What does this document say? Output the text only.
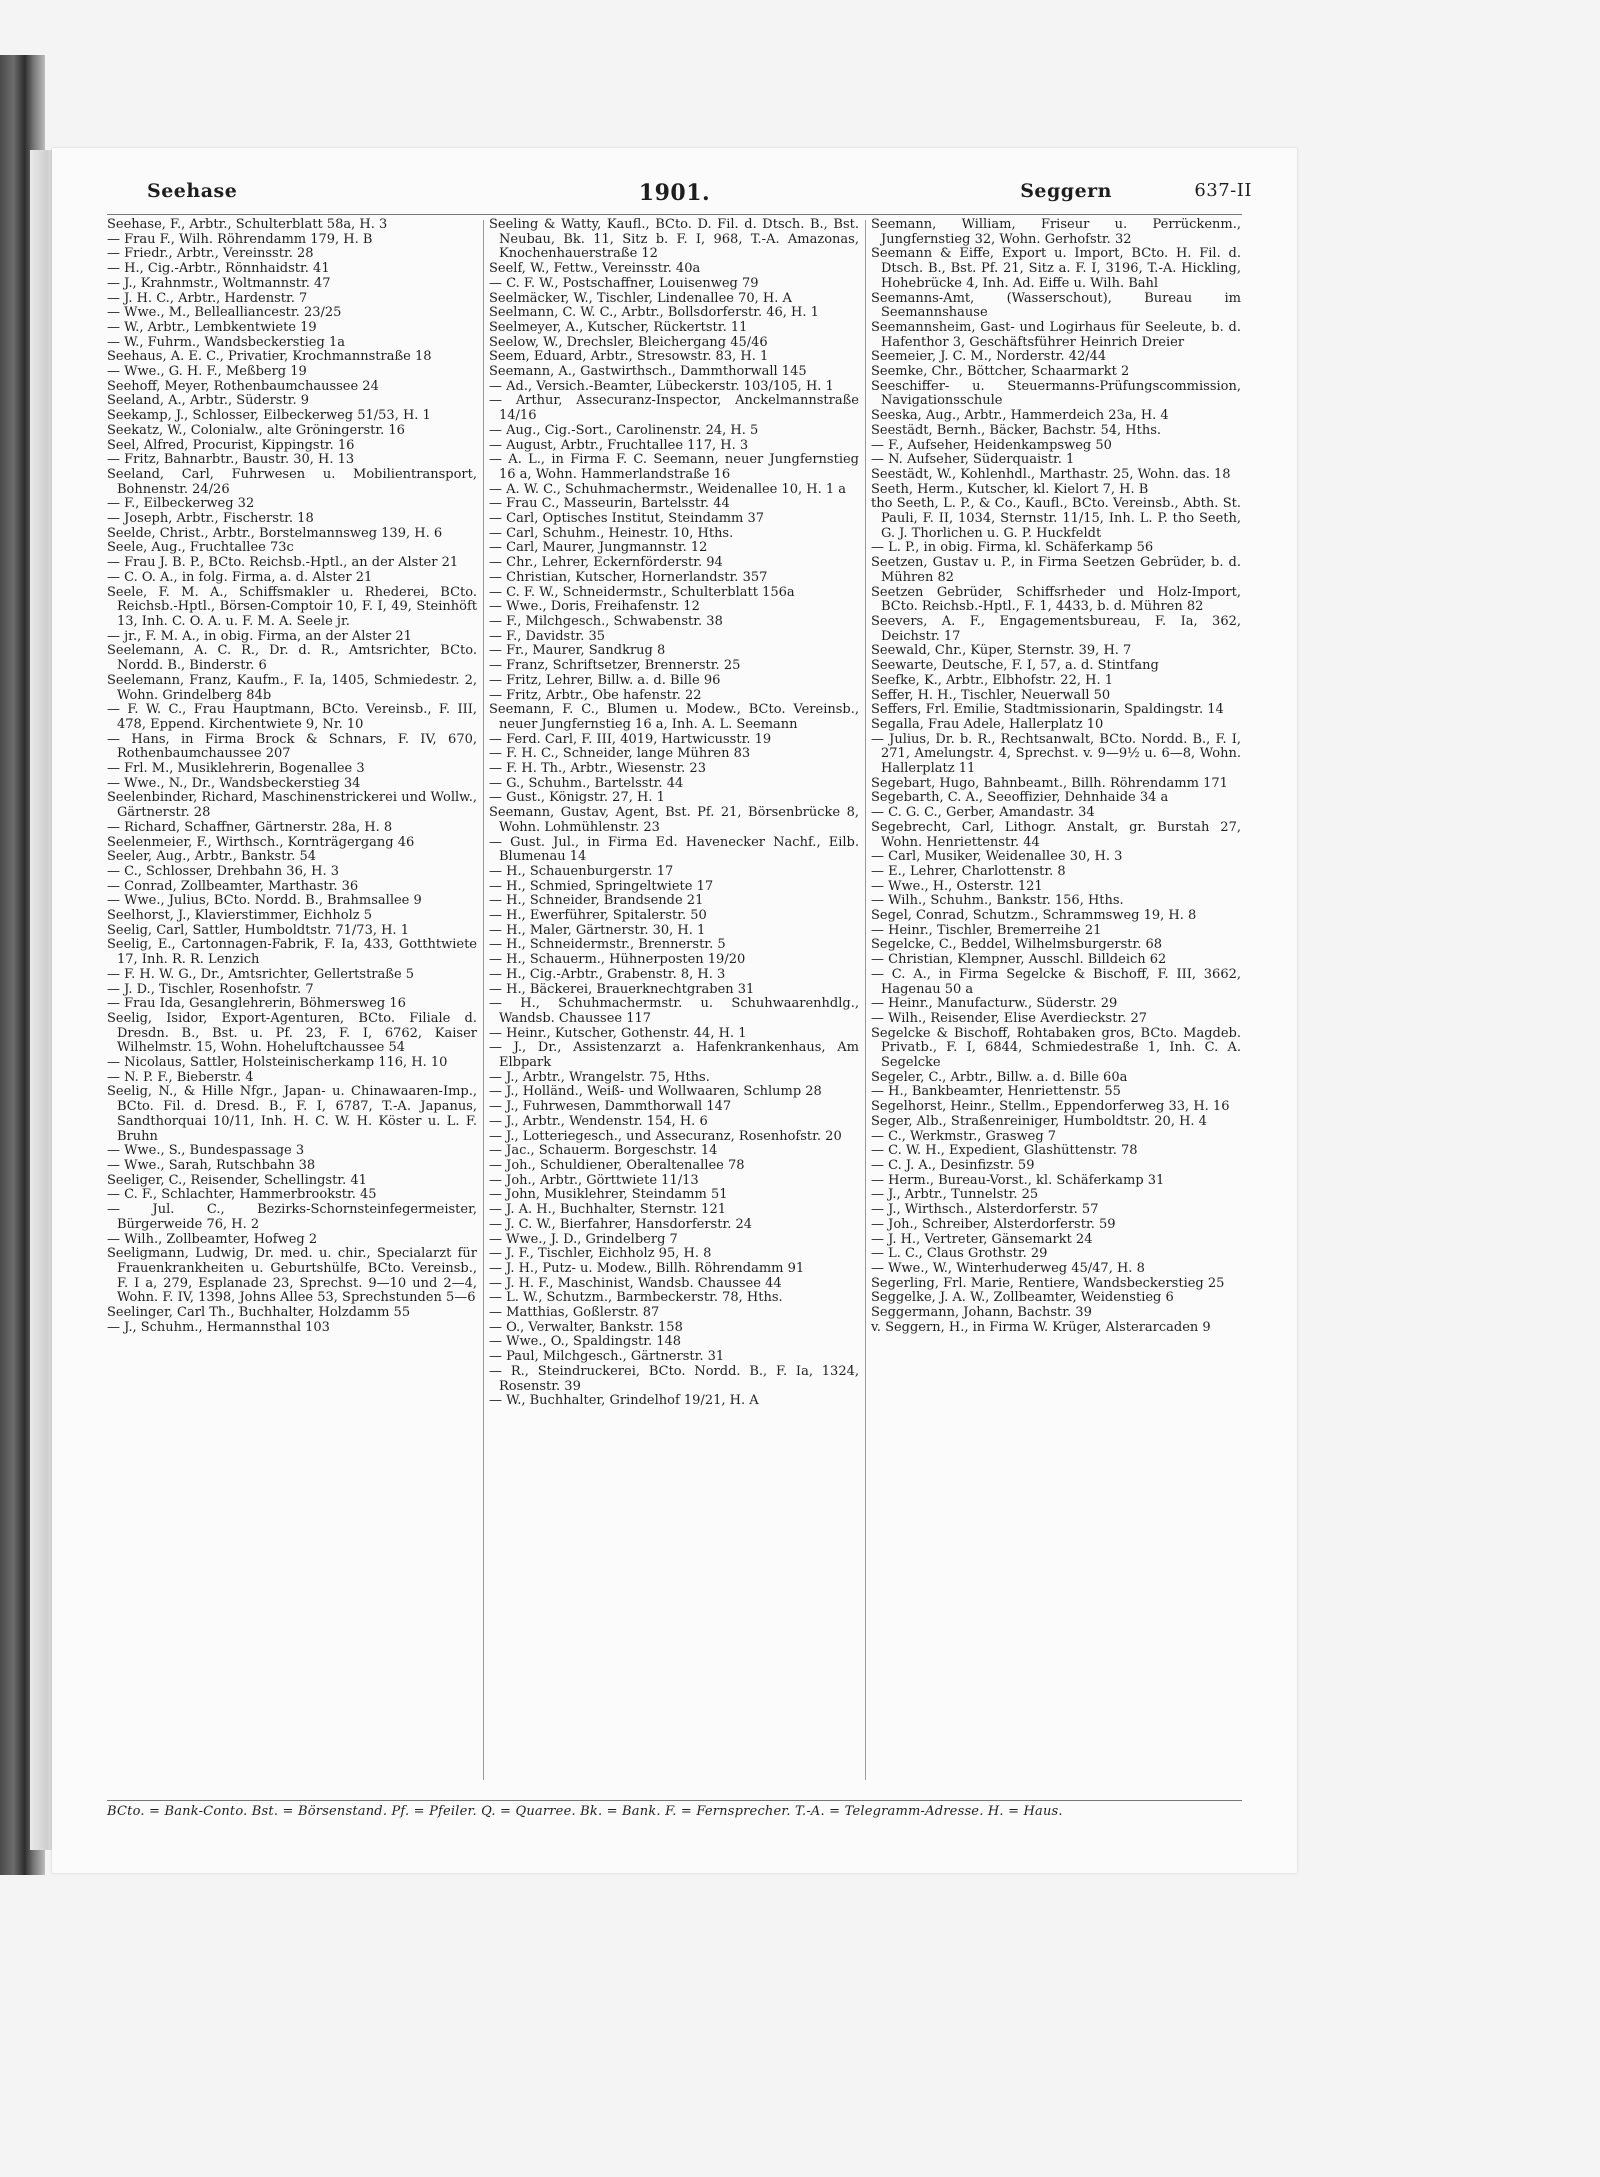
Seehase	1901.	Seggern	637-II

Seehase, F., Arbtr., Schulterblatt 58a, H. 3

— Frau F., Wilh. Röhrendamm 179, H. B

— Friedr., Arbtr., Vereinsstr. 28

— H., Cig.-Arbtr., Rönnhaidstr. 41

— J., Krahnmstr., Woltmannstr. 47

— J. H. C., Arbtr., Hardenstr. 7

— Wwe., M., Bellealliancestr. 23/25

— W., Arbtr., Lembkentwiete 19

— W., Fuhrm., Wandsbeckerstieg 1a

Seehaus, A. E. C., Privatier, Krochmannstraße 18

— Wwe., G. H. F., Meßberg 19

Seehoff, Meyer, Rothenbaumchaussee 24

Seeland, A., Arbtr., Süderstr. 9

Seekamp, J., Schlosser, Eilbeckerweg 51/53, H. 1

Seekatz, W., Colonialw., alte Gröningerstr. 16

Seel, Alfred, Procurist, Kippingstr. 16

— Fritz, Bahnarbtr., Baustr. 30, H. 13

Seeland, Carl, Fuhrwesen u. Mobilientransport, Bohnenstr. 24/26

— F., Eilbeckerweg 32

— Joseph, Arbtr., Fischerstr. 18

Seelde, Christ., Arbtr., Borstelmannsweg 139, H. 6

Seele, Aug., Fruchtallee 73c

— Frau J. B. P., BCto. Reichsb.-Hptl., an der Alster 21

— C. O. A., in folg. Firma, a. d. Alster 21

Seele, F. M. A., Schiffsmakler u. Rhederei, BCto. Reichsb.-Hptl., Börsen-Comptoir 10, F. I, 49, Steinhöft 13, Inh. C. O. A. u. F. M. A. Seele jr.

— jr., F. M. A., in obig. Firma, an der Alster 21

Seelemann, A. C. R., Dr. d. R., Amtsrichter, BCto. Nordd. B., Binderstr. 6

Seelemann, Franz, Kaufm., F. Ia, 1405, Schmiedestr. 2, Wohn. Grindelberg 84b

— F. W. C., Frau Hauptmann, BCto. Vereinsb., F. III, 478, Eppend. Kirchentwiete 9, Nr. 10

— Hans, in Firma Brock & Schnars, F. IV, 670, Rothenbaumchaussee 207

— Frl. M., Musiklehrerin, Bogenallee 3

— Wwe., N., Dr., Wandsbeckerstieg 34

Seelenbinder, Richard, Maschinenstrickerei und Wollw., Gärtnerstr. 28

— Richard, Schaffner, Gärtnerstr. 28a, H. 8

Seelenmeier, F., Wirthsch., Kornträgergang 46

Seeler, Aug., Arbtr., Bankstr. 54

— C., Schlosser, Drehbahn 36, H. 3

— Conrad, Zollbeamter, Marthastr. 36

— Wwe., Julius, BCto. Nordd. B., Brahmsallee 9

Seelhorst, J., Klavierstimmer, Eichholz 5

Seelig, Carl, Sattler, Humboldtstr. 71/73, H. 1

Seelig, E., Cartonnagen-Fabrik, F. Ia, 433, Gotthtwiete 17, Inh. R. R. Lenzich

— F. H. W. G., Dr., Amtsrichter, Gellertstraße 5

— J. D., Tischler, Rosenhofstr. 7

— Frau Ida, Gesanglehrerin, Böhmersweg 16

Seelig, Isidor, Export-Agenturen, BCto. Filiale d. Dresdn. B., Bst. u. Pf. 23, F. I, 6762, Kaiser Wilhelmstr. 15, Wohn. Hoheluftchaussee 54

— Nicolaus, Sattler, Holsteinischerkamp 116, H. 10

— N. P. F., Bieberstr. 4

Seelig, N., & Hille Nfgr., Japan- u. Chinawaaren-Imp., BCto. Fil. d. Dresd. B., F. I, 6787, T.-A. Japanus, Sandthorquai 10/11, Inh. H. C. W. H. Köster u. L. F. Bruhn

— Wwe., S., Bundespassage 3

— Wwe., Sarah, Rutschbahn 38

Seeliger, C., Reisender, Schellingstr. 41

— C. F., Schlachter, Hammerbrookstr. 45

— Jul. C., Bezirks-Schornsteinfegermeister, Bürgerweide 76, H. 2

— Wilh., Zollbeamter, Hofweg 2

Seeligmann, Ludwig, Dr. med. u. chir., Specialarzt für Frauenkrankheiten u. Geburtshülfe, BCto. Vereinsb., F. I a, 279, Esplanade 23, Sprechst. 9—10 und 2—4, Wohn. F. IV, 1398, Johns Allee 53, Sprechstunden 5—6

Seelinger, Carl Th., Buchhalter, Holzdamm 55

— J., Schuhm., Hermannsthal 103

Seeling & Watty, Kaufl., BCto. D. Fil. d. Dtsch. B., Bst. Neubau, Bk. 11, Sitz b. F. I, 968, T.-A. Amazonas, Knochenhauerstraße 12

Seelf, W., Fettw., Vereinsstr. 40a

— C. F. W., Postschaffner, Louisenweg 79

Seelmäcker, W., Tischler, Lindenallee 70, H. A

Seelmann, C. W. C., Arbtr., Bollsdorferstr. 46, H. 1

Seelmeyer, A., Kutscher, Rückertstr. 11

Seelow, W., Drechsler, Bleichergang 45/46

Seem, Eduard, Arbtr., Stresowstr. 83, H. 1

Seemann, A., Gastwirthsch., Dammthorwall 145

— Ad., Versich.-Beamter, Lübeckerstr. 103/105, H. 1

— Arthur, Assecuranz-Inspector, Anckelmannstraße 14/16

— Aug., Cig.-Sort., Carolinenstr. 24, H. 5

— August, Arbtr., Fruchtallee 117, H. 3

— A. L., in Firma F. C. Seemann, neuer Jungfernstieg 16 a, Wohn. Hammerlandstraße 16

— A. W. C., Schuhmachermstr., Weidenallee 10, H. 1 a

— Frau C., Masseurin, Bartelsstr. 44

— Carl, Optisches Institut, Steindamm 37

— Carl, Schuhm., Heinestr. 10, Hths.

— Carl, Maurer, Jungmannstr. 12

— Chr., Lehrer, Eckernförderstr. 94

— Christian, Kutscher, Hornerlandstr. 357

— C. F. W., Schneidermstr., Schulterblatt 156a

— Wwe., Doris, Freihafenstr. 12

— F., Milchgesch., Schwabenstr. 38

— F., Davidstr. 35

— Fr., Maurer, Sandkrug 8

— Franz, Schriftsetzer, Brennerstr. 25

— Fritz, Lehrer, Billw. a. d. Bille 96

— Fritz, Arbtr., Obe hafenstr. 22

Seemann, F. C., Blumen u. Modew., BCto. Vereinsb., neuer Jungfernstieg 16 a, Inh. A. L. Seemann

— Ferd. Carl, F. III, 4019, Hartwicusstr. 19

— F. H. C., Schneider, lange Mühren 83

— F. H. Th., Arbtr., Wiesenstr. 23

— G., Schuhm., Bartelsstr. 44

— Gust., Königstr. 27, H. 1

Seemann, Gustav, Agent, Bst. Pf. 21, Börsenbrücke 8, Wohn. Lohmühlenstr. 23

— Gust. Jul., in Firma Ed. Havenecker Nachf., Eilb. Blumenau 14

— H., Schauenburgerstr. 17

— H., Schmied, Springeltwiete 17

— H., Schneider, Brandsende 21

— H., Ewerführer, Spitalerstr. 50

— H., Maler, Gärtnerstr. 30, H. 1

— H., Schneidermstr., Brennerstr. 5

— H., Schauerm., Hühnerposten 19/20

— H., Cig.-Arbtr., Grabenstr. 8, H. 3

— H., Bäckerei, Brauerknechtgraben 31

— H., Schuhmachermstr. u. Schuhwaarenhdlg., Wandsb. Chaussee 117

— Heinr., Kutscher, Gothenstr. 44, H. 1

— J., Dr., Assistenzarzt a. Hafenkrankenhaus, Am Elbpark

— J., Arbtr., Wrangelstr. 75, Hths.

— J., Holländ., Weiß- und Wollwaaren, Schlump 28

— J., Fuhrwesen, Dammthorwall 147

— J., Arbtr., Wendenstr. 154, H. 6

— J., Lotteriegesch., und Assecuranz, Rosenhofstr. 20

— Jac., Schauerm. Borgeschstr. 14

— Joh., Schuldiener, Oberaltenallee 78

— Joh., Arbtr., Görttwiete 11/13

— John, Musiklehrer, Steindamm 51

— J. A. H., Buchhalter, Sternstr. 121

— J. C. W., Bierfahrer, Hansdorferstr. 24

— Wwe., J. D., Grindelberg 7

— J. F., Tischler, Eichholz 95, H. 8

— J. H., Putz- u. Modew., Billh. Röhrendamm 91

— J. H. F., Maschinist, Wandsb. Chaussee 44

— L. W., Schutzm., Barmbeckerstr. 78, Hths.

— Matthias, Goßlerstr. 87

— O., Verwalter, Bankstr. 158

— Wwe., O., Spaldingstr. 148

— Paul, Milchgesch., Gärtnerstr. 31

— R., Steindruckerei, BCto. Nordd. B., F. Ia, 1324, Rosenstr. 39

— W., Buchhalter, Grindelhof 19/21, H. A

Seemann, William, Friseur u. Perrückenm., Jungfernstieg 32, Wohn. Gerhofstr. 32

Seemann & Eiffe, Export u. Import, BCto. H. Fil. d. Dtsch. B., Bst. Pf. 21, Sitz a. F. I, 3196, T.-A. Hickling, Hohebrücke 4, Inh. Ad. Eiffe u. Wilh. Bahl

Seemanns-Amt, (Wasserschout), Bureau im Seemannshause

Seemannsheim, Gast- und Logirhaus für Seeleute, b. d. Hafenthor 3, Geschäftsführer Heinrich Dreier

Seemeier, J. C. M., Norderstr. 42/44

Seemke, Chr., Böttcher, Schaarmarkt 2

Seeschiffer- u. Steuermanns-Prüfungscommission, Navigationsschule

Seeska, Aug., Arbtr., Hammerdeich 23a, H. 4

Seestädt, Bernh., Bäcker, Bachstr. 54, Hths.

— F., Aufseher, Heidenkampsweg 50

— N. Aufseher, Süderquaistr. 1

Seestädt, W., Kohlenhdl., Marthastr. 25, Wohn. das. 18

Seeth, Herm., Kutscher, kl. Kielort 7, H. B

tho Seeth, L. P., & Co., Kaufl., BCto. Vereinsb., Abth. St. Pauli, F. II, 1034, Sternstr. 11/15, Inh. L. P. tho Seeth, G. J. Thorlichen u. G. P. Huckfeldt

— L. P., in obig. Firma, kl. Schäferkamp 56

Seetzen, Gustav u. P., in Firma Seetzen Gebrüder, b. d. Mühren 82

Seetzen Gebrüder, Schiffsrheder und Holz-Import, BCto. Reichsb.-Hptl., F. 1, 4433, b. d. Mühren 82

Seevers, A. F., Engagementsbureau, F. Ia, 362, Deichstr. 17

Seewald, Chr., Küper, Sternstr. 39, H. 7

Seewarte, Deutsche, F. I, 57, a. d. Stintfang

Seefke, K., Arbtr., Elbhofstr. 22, H. 1

Seffer, H. H., Tischler, Neuerwall 50

Seffers, Frl. Emilie, Stadtmissionarin, Spaldingstr. 14

Segalla, Frau Adele, Hallerplatz 10

— Julius, Dr. b. R., Rechtsanwalt, BCto. Nordd. B., F. I, 271, Amelungstr. 4, Sprechst. v. 9—9½ u. 6—8, Wohn. Hallerplatz 11

Segebart, Hugo, Bahnbeamt., Billh. Röhrendamm 171

Segebarth, C. A., Seeoffizier, Dehnhaide 34 a

— C. G. C., Gerber, Amandastr. 34

Segebrecht, Carl, Lithogr. Anstalt, gr. Burstah 27, Wohn. Henriettenstr. 44

— Carl, Musiker, Weidenallee 30, H. 3

— E., Lehrer, Charlottenstr. 8

— Wwe., H., Osterstr. 121

— Wilh., Schuhm., Bankstr. 156, Hths.

Segel, Conrad, Schutzm., Schrammsweg 19, H. 8

— Heinr., Tischler, Bremerreihe 21

Segelcke, C., Beddel, Wilhelmsburgerstr. 68

— Christian, Klempner, Ausschl. Billdeich 62

— C. A., in Firma Segelcke & Bischoff, F. III, 3662, Hagenau 50 a

— Heinr., Manufacturw., Süderstr. 29

— Wilh., Reisender, Elise Averdieckstr. 27

Segelcke & Bischoff, Rohtabaken gros, BCto. Magdeb. Privatb., F. I, 6844, Schmiedestraße 1, Inh. C. A. Segelcke

Segeler, C., Arbtr., Billw. a. d. Bille 60a

— H., Bankbeamter, Henriettenstr. 55

Segelhorst, Heinr., Stellm., Eppendorferweg 33, H. 16

Seger, Alb., Straßenreiniger, Humboldtstr. 20, H. 4

— C., Werkmstr., Grasweg 7

— C. W. H., Expedient, Glashüttenstr. 78

— C. J. A., Desinfizstr. 59

— Herm., Bureau-Vorst., kl. Schäferkamp 31

— J., Arbtr., Tunnelstr. 25

— J., Wirthsch., Alsterdorferstr. 57

— Joh., Schreiber, Alsterdorferstr. 59

— J. H., Vertreter, Gänsemarkt 24

— L. C., Claus Grothstr. 29

— Wwe., W., Winterhuderweg 45/47, H. 8

Segerling, Frl. Marie, Rentiere, Wandsbeckerstieg 25

Seggelke, J. A. W., Zollbeamter, Weidenstieg 6

Seggermann, Johann, Bachstr. 39

v. Seggern, H., in Firma W. Krüger, Alsterarcaden 9

BCto. = Bank-Conto. Bst. = Börsenstand. Pf. = Pfeiler. Q. = Quarree. Bk. = Bank. F. = Fernsprecher. T.-A. = Telegramm-Adresse. H. = Haus.
